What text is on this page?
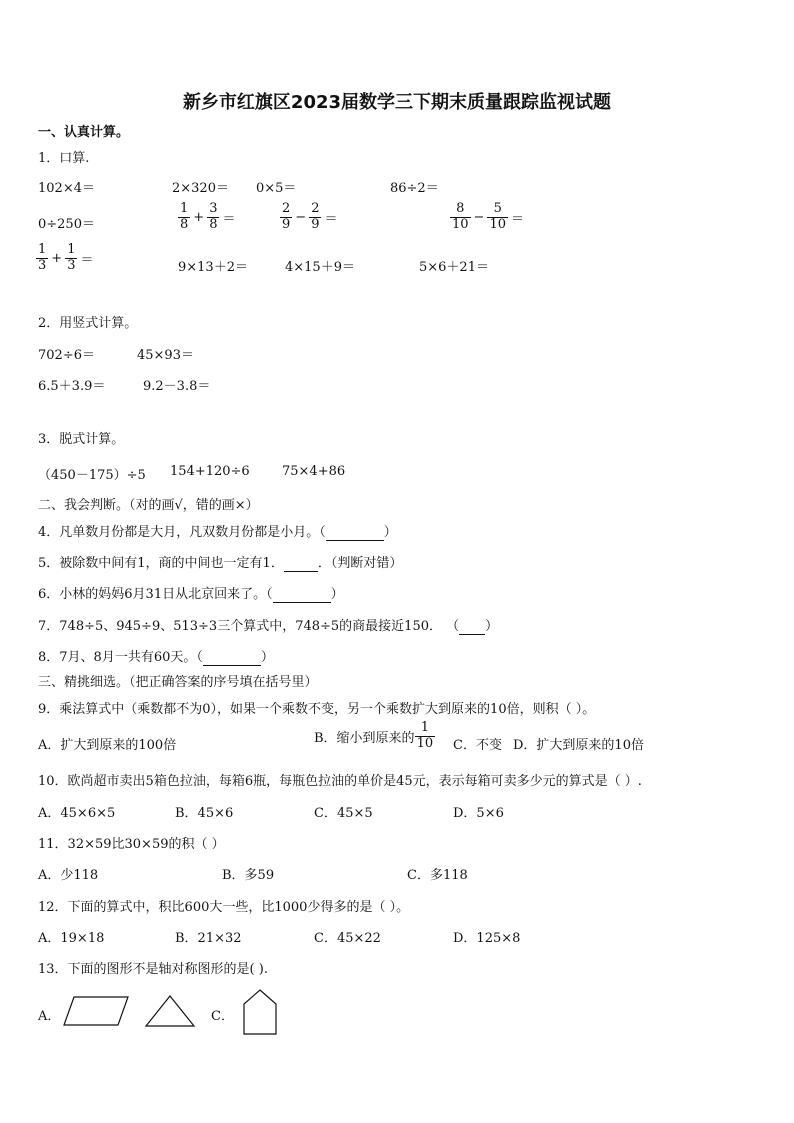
新乡市红旗区2023届数学三下期末质量跟踪监视试题
一、认真计算。
1．口算.
102×4＝	2×320＝ 0×5＝	86÷2＝
0÷250＝	$\frac{1}{8} + \frac{3}{8}$ ＝	$\frac{2}{9} - \frac{2}{9}$ ＝	$\frac{8}{10} - \frac{5}{10}$ ＝
$\frac{1}{3} + \frac{1}{3}$ ＝	9×13＋2＝	4×15＋9＝	5×6＋21＝
2．用竖式计算。
702÷6＝	45×93＝
6.5＋3.9＝	9.2－3.8＝
3．脱式计算。
（450－175）÷5 154+120÷6 75×4+86
二、我会判断。（对的画√，错的画×）
4．凡单数月份都是大月，凡双数月份都是小月。（	）
5．被除数中间有1，商的中间也一定有1．	．（判断对错）
6．小林的妈妈6月31日从北京回来了。（	）
7．748÷5、945÷9、513÷3三个算式中，748÷5的商最接近150． （ ）
8．7月、8月一共有60天。（	）
三、精挑细选。（把正确答案的序号填在括号里）
9．乘法算式中（乘数都不为0），如果一个乘数不变，另一个乘数扩大到原来的10倍，则积（ ）。
A．扩大到原来的100倍	B．缩小到原来的 $\frac{1}{10}$ C．不变 D．扩大到原来的10倍
10．欧尚超市卖出5箱色拉油，每箱6瓶，每瓶色拉油的单价是45元，表示每箱可卖多少元的算式是（ ）.
A．45×6×5	B．45×6	C．45×5	D．5×6
11．32×59比30×59的积（ ）
A．少118	B．多59	C．多118
12．下面的算式中，积比600大一些，比1000少得多的是（ ）。
A．19×18	B．21×32	C．45×22	D．125×8
13．下面的图形不是轴对称图形的是( ).
A．	C．
